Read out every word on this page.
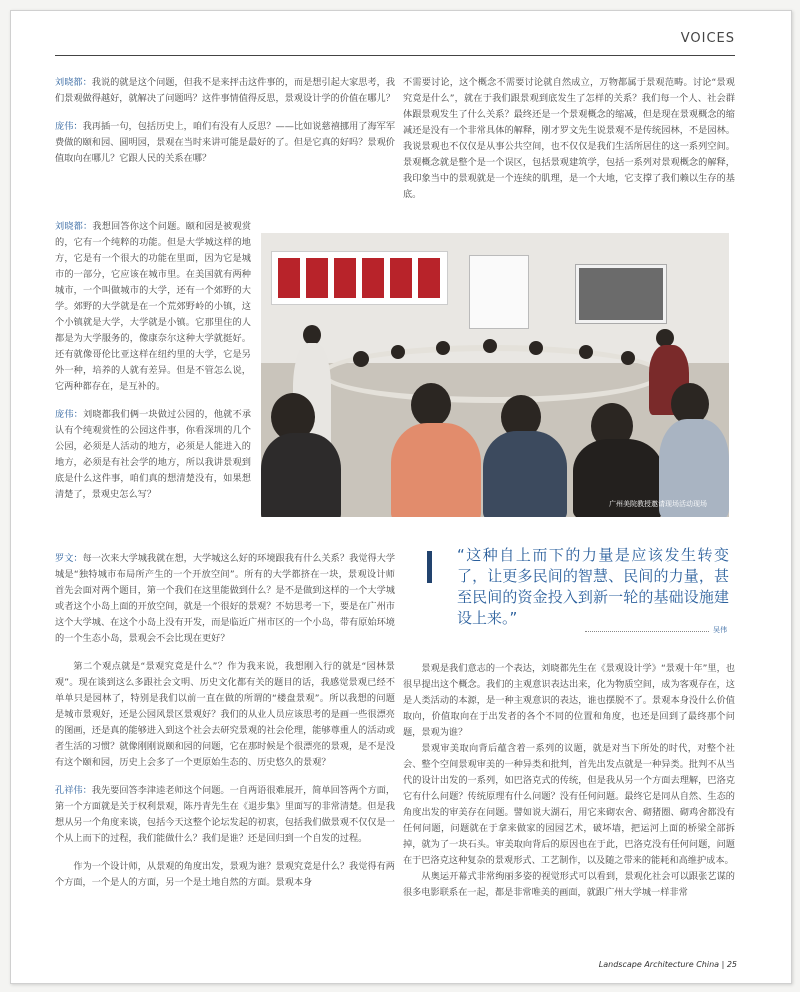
VOICES

刘晓都：我说的就是这个问题，但我不是来抨击这件事的，而是想引起大家思考，我们景观做得越好，就解决了问题吗？这件事情值得反思，景观设计学的价值在哪儿？

庞伟：我再插一句，包括历史上，咱们有没有人反思？——比如说慈禧挪用了海军军费做的颐和园、圆明园，景观在当时来讲可能是最好的了。但是它真的好吗？景观价值取向在哪儿？它跟人民的关系在哪？

刘晓都：我想回答你这个问题。颐和园是被观赏的，它有一个纯粹的功能。但是大学城这样的地方，它是有一个很大的功能在里面，因为它是城市的一部分，它应该在城市里。在美国就有两种城市，一个叫做城市的大学，还有一个郊野的大学。郊野的大学就是在一个荒郊野岭的小镇，这个小镇就是大学，大学就是小镇。它那里住的人都是为大学服务的，像康奈尔这种大学就挺好。还有就像哥伦比亚这样在纽约里的大学，它是另外一种，培养的人就有差异。但是不管怎么说，它两种都存在，是互补的。

庞伟：刘晓都我们俩一块做过公园的，他就不承认有个纯观赏性的公园这件事，你看深圳的几个公园，必须是人活动的地方，必须是人能进入的地方，必须是有社会学的地方，所以我讲景观到底是什么这件事，咱们真的想清楚没有，如果想清楚了，景观史怎么写？

罗文：每一次来大学城我就在想，大学城这么好的环境跟我有什么关系？我觉得大学城是“独特城市布局所产生的一个开放空间”。所有的大学都挤在一块，景观设计师首先会面对两个题目，第一个我们在这里能做到什么？是不是做到这样的一个大学城或者这个小岛上面的开放空间，就是一个很好的景观？不妨思考一下，要是在广州市这个大学城、在这个小岛上没有开发，而是临近广州市区的一个小岛，带有原始环境的一个生态小岛，景观会不会比现在更好？

第二个观点就是“景观究竟是什么”？作为我来说，我想刚入行的就是“园林景观”。现在谈到这么多跟社会文明、历史文化都有关的题目的话，我感觉景观已经不单单只是园林了，特别是我们以前一直在做的所谓的“楼盘景观”。所以我想的问题是城市景观好，还是公园风景区景观好？我们的从业人员应该思考的是画一些很漂亮的图画，还是真的能够进入到这个社会去研究景观的社会伦理，能够尊重人的活动或者生活的习惯？就像刚刚说颐和园的问题，它在那时候是个很漂亮的景观，是不是没有这个颐和园，历史上会多了一个更原始生态的、历史悠久的景观？

孔祥伟：我先要回答李津逵老师这个问题。一自两语很难展开，简单回答两个方面，第一个方面就是关于权利景观，陈丹青先生在《退步集》里面写的非常清楚。但是我想从另一个角度来谈，包括今天这整个论坛发起的初衷，包括我们做景观不仅仅是一个从上而下的过程，我们能做什么？我们是谁？还是回归到一个自发的过程。

作为一个设计师，从景观的角度出发，景观为谁？景观究竟是什么？我觉得有两个方面，一个是人的方面，另一个是土地自然的方面。景观本身

不需要讨论，这个概念不需要讨论就自然成立，万物都属于景观范畴。讨论“景观究竟是什么”，就在于我们跟景观到底发生了怎样的关系？我们每一个人、社会群体跟景观发生了什么关系？最终还是一个景观概念的缩减，但是现在景观概念的缩减还是没有一个非常具体的解释，刚才罗文先生说景观不是传统园林，不是园林。我说景观也不仅仅是从事公共空间，也不仅仅是我们生活所居住的这一系列空间。景观概念就是整个是一个误区，包括景观建筑学，包括一系列对景观概念的解释，我印象当中的景观就是一个连续的肌理，是一个大地，它支撑了我们赖以生存的基底。

广州美院教授邀请现场活动现场
“这种自上而下的力量是应该发生转变了，让更多民间的智慧、民间的力量，甚至民间的资金投入到新一轮的基础设施建设上来。”
吴伟

景观是我们意志的一个表达，刘晓都先生在《景观设计学》“景观十年”里，也很早提出这个概念。我们的主观意识表达出来，化为物质空间，成为客观存在，这是人类活动的本源，是一种主观意识的表达，谁也摆脱不了。景观本身没什么价值取向，价值取向在于出发者的各个不同的位置和角度，也还是回到了最终那个问题，景观为谁？

景观审美取向背后蕴含着一系列的议题，就是对当下所处的时代，对整个社会、整个空间景观审美的一种异类和批判，首先出发点就是一种异类。批判不从当代的设计出发的一系列，如巴洛克式的传统，但是我从另一个方面去理解，巴洛克它有什么问题？传统原理有什么问题？没有任何问题。最终它是同从自然、生态的角度出发的审美存在问题。譬如说大湖石，用它来砌农舍、砌猪圈、砌鸡舍都没有任何问题，问题就在于拿来做家的园园艺术，破坏墙，把运河上面的桥梁全部拆掉，就为了一块石头。审美取向背后的原因也在于此，巴洛克没有任何问题，问题在于巴洛克这种复杂的景观形式、工艺制作，以及随之带来的能耗和高维护成本。

从奥运开幕式非常绚丽多姿的视觉形式可以看到，景观化社会可以跟张艺谋的很多电影联系在一起，都是非常唯美的画面，就跟广州大学城一样非常

Landscape Architecture China | 25
